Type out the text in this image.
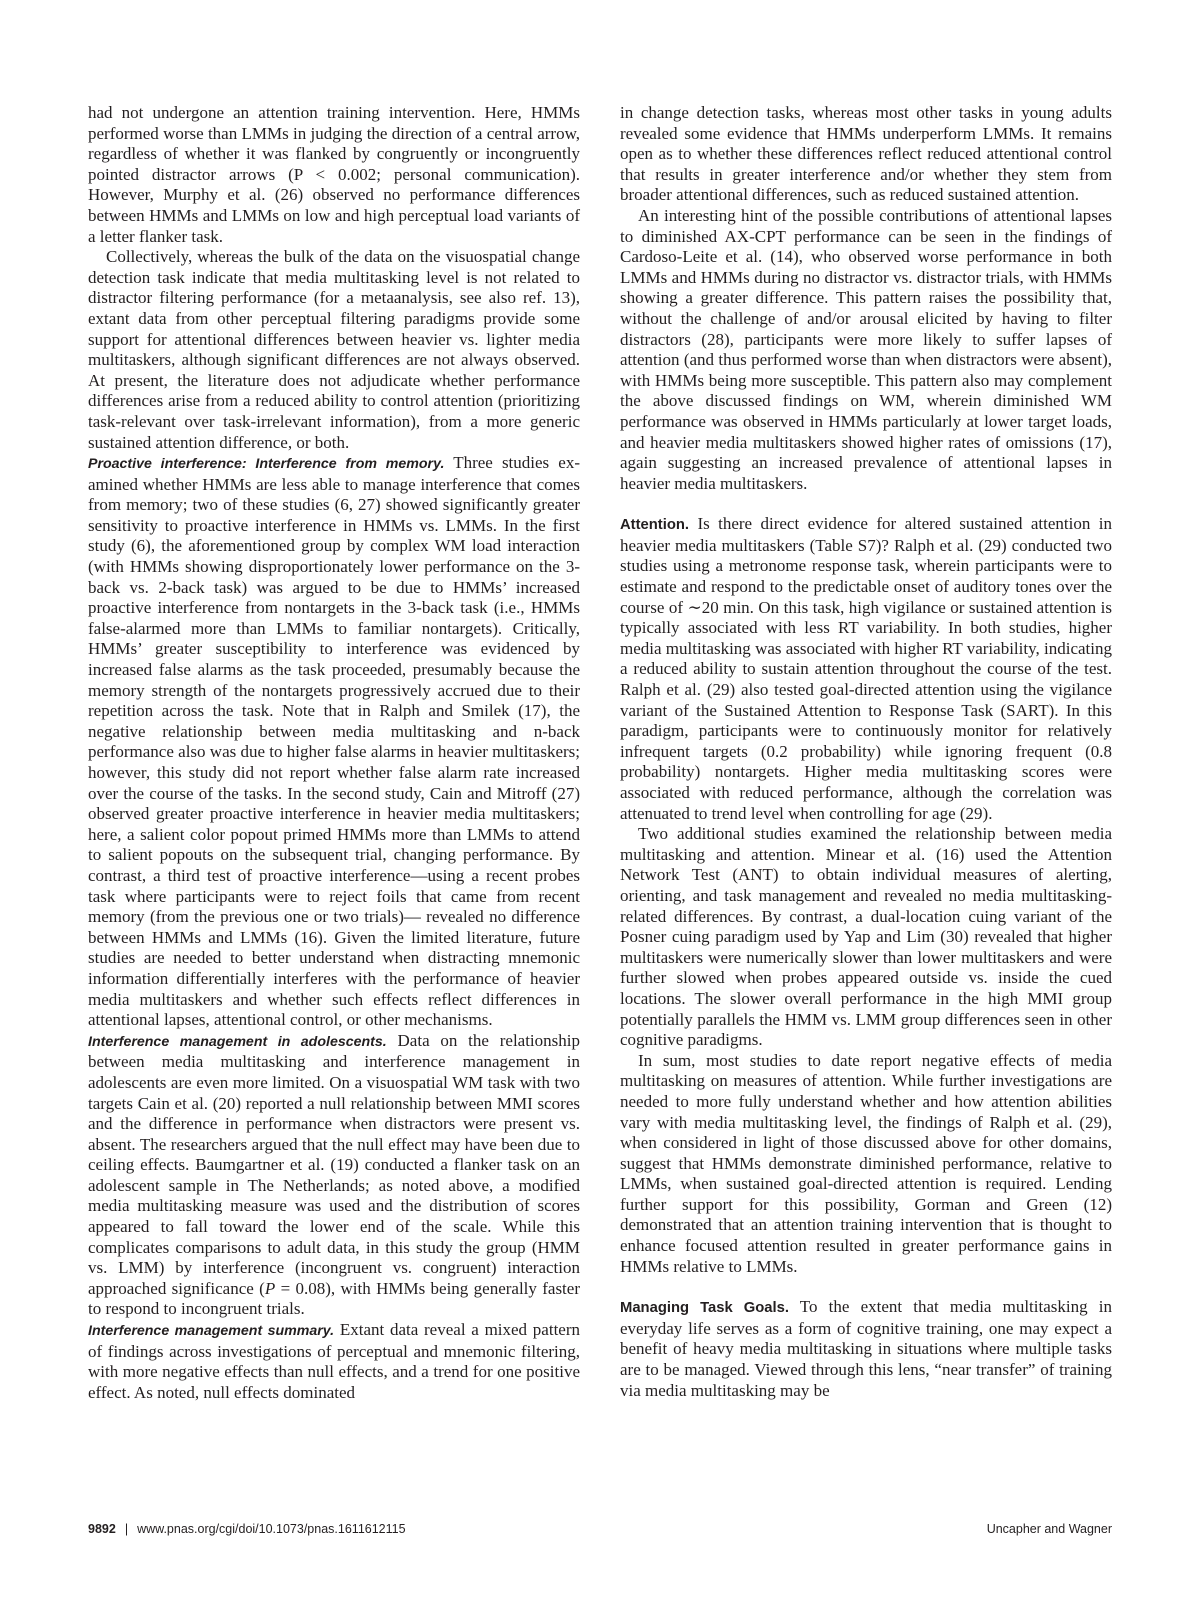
had not undergone an attention training intervention. Here, HMMs performed worse than LMMs in judging the direction of a central arrow, regardless of whether it was flanked by congruently or incongruently pointed distractor arrows (P < 0.002; personal communication). However, Murphy et al. (26) observed no performance differences between HMMs and LMMs on low and high perceptual load variants of a letter flanker task.

Collectively, whereas the bulk of the data on the visuospatial change detection task indicate that media multitasking level is not related to distractor filtering performance (for a metaanalysis, see also ref. 13), extant data from other perceptual filtering paradigms provide some support for attentional differences between heavier vs. lighter media multitaskers, although significant differences are not always observed. At present, the literature does not adjudicate whether performance differences arise from a reduced ability to control attention (prioritizing task-relevant over task-irrelevant information), from a more generic sustained attention difference, or both.

Proactive interference: Interference from memory. Three studies examined whether HMMs are less able to manage interference that comes from memory; two of these studies (6, 27) showed significantly greater sensitivity to proactive interference in HMMs vs. LMMs. In the first study (6), the aforementioned group by complex WM load interaction (with HMMs showing disproportionately lower performance on the 3-back vs. 2-back task) was argued to be due to HMMs’ increased proactive interference from nontargets in the 3-back task (i.e., HMMs false-alarmed more than LMMs to familiar nontargets). Critically, HMMs’ greater susceptibility to interference was evidenced by increased false alarms as the task proceeded, presumably because the memory strength of the nontargets progressively accrued due to their repetition across the task. Note that in Ralph and Smilek (17), the negative relationship between media multitasking and n-back performance also was due to higher false alarms in heavier multitaskers; however, this study did not report whether false alarm rate increased over the course of the tasks. In the second study, Cain and Mitroff (27) observed greater proactive interference in heavier media multitaskers; here, a salient color popout primed HMMs more than LMMs to attend to salient popouts on the subsequent trial, changing performance. By contrast, a third test of proactive interference—using a recent probes task where participants were to reject foils that came from recent memory (from the previous one or two trials)— revealed no difference between HMMs and LMMs (16). Given the limited literature, future studies are needed to better understand when distracting mnemonic information differentially interferes with the performance of heavier media multitaskers and whether such effects reflect differences in attentional lapses, attentional control, or other mechanisms.

Interference management in adolescents. Data on the relationship between media multitasking and interference management in adolescents are even more limited. On a visuospatial WM task with two targets Cain et al. (20) reported a null relationship between MMI scores and the difference in performance when distractors were present vs. absent. The researchers argued that the null effect may have been due to ceiling effects. Baumgartner et al. (19) conducted a flanker task on an adolescent sample in The Netherlands; as noted above, a modified media multitasking measure was used and the distribution of scores appeared to fall toward the lower end of the scale. While this complicates comparisons to adult data, in this study the group (HMM vs. LMM) by interference (incongruent vs. congruent) interaction approached significance (P = 0.08), with HMMs being generally faster to respond to incongruent trials.

Interference management summary. Extant data reveal a mixed pattern of findings across investigations of perceptual and mnemonic filtering, with more negative effects than null effects, and a trend for one positive effect. As noted, null effects dominated

in change detection tasks, whereas most other tasks in young adults revealed some evidence that HMMs underperform LMMs. It remains open as to whether these differences reflect reduced attentional control that results in greater interference and/or whether they stem from broader attentional differences, such as reduced sustained attention.

An interesting hint of the possible contributions of attentional lapses to diminished AX-CPT performance can be seen in the findings of Cardoso-Leite et al. (14), who observed worse performance in both LMMs and HMMs during no distractor vs. distractor trials, with HMMs showing a greater difference. This pattern raises the possibility that, without the challenge of and/or arousal elicited by having to filter distractors (28), participants were more likely to suffer lapses of attention (and thus performed worse than when distractors were absent), with HMMs being more susceptible. This pattern also may complement the above discussed findings on WM, wherein diminished WM performance was observed in HMMs particularly at lower target loads, and heavier media multitaskers showed higher rates of omissions (17), again suggesting an increased prevalence of attentional lapses in heavier media multitaskers.

Attention. Is there direct evidence for altered sustained attention in heavier media multitaskers (Table S7)? Ralph et al. (29) conducted two studies using a metronome response task, wherein participants were to estimate and respond to the predictable onset of auditory tones over the course of ∼20 min. On this task, high vigilance or sustained attention is typically associated with less RT variability. In both studies, higher media multitasking was associated with higher RT variability, indicating a reduced ability to sustain attention throughout the course of the test. Ralph et al. (29) also tested goal-directed attention using the vigilance variant of the Sustained Attention to Response Task (SART). In this paradigm, participants were to continuously monitor for relatively infrequent targets (0.2 probability) while ignoring frequent (0.8 probability) nontargets. Higher media multitasking scores were associated with reduced performance, although the correlation was attenuated to trend level when controlling for age (29).

Two additional studies examined the relationship between media multitasking and attention. Minear et al. (16) used the Attention Network Test (ANT) to obtain individual measures of alerting, orienting, and task management and revealed no media multitasking-related differences. By contrast, a dual-location cuing variant of the Posner cuing paradigm used by Yap and Lim (30) revealed that higher multitaskers were numerically slower than lower multitaskers and were further slowed when probes appeared outside vs. inside the cued locations. The slower overall performance in the high MMI group potentially parallels the HMM vs. LMM group differences seen in other cognitive paradigms.

In sum, most studies to date report negative effects of media multitasking on measures of attention. While further investigations are needed to more fully understand whether and how attention abilities vary with media multitasking level, the findings of Ralph et al. (29), when considered in light of those discussed above for other domains, suggest that HMMs demonstrate diminished performance, relative to LMMs, when sustained goal-directed attention is required. Lending further support for this possibility, Gorman and Green (12) demonstrated that an attention training intervention that is thought to enhance focused attention resulted in greater performance gains in HMMs relative to LMMs.

Managing Task Goals. To the extent that media multitasking in everyday life serves as a form of cognitive training, one may expect a benefit of heavy media multitasking in situations where multiple tasks are to be managed. Viewed through this lens, “near transfer” of training via media multitasking may be

9892 | www.pnas.org/cgi/doi/10.1073/pnas.1611612115	Uncapher and Wagner
